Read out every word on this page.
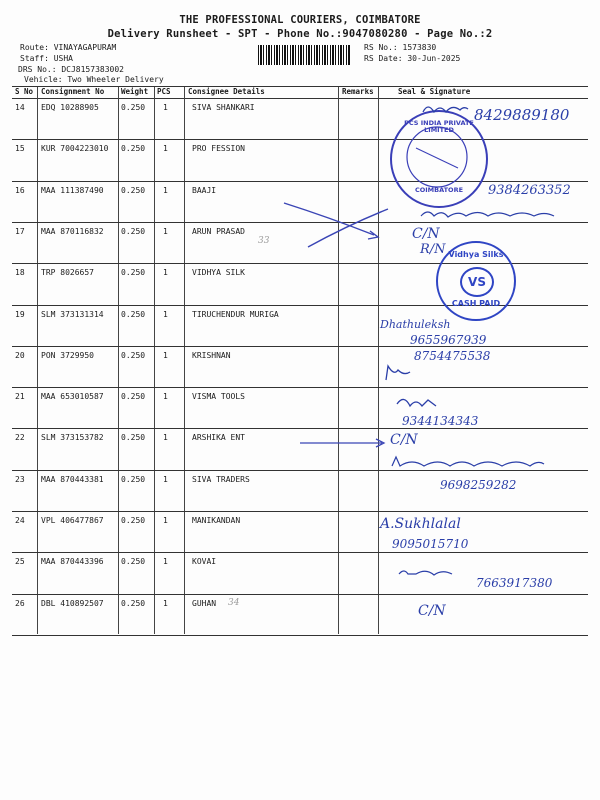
THE PROFESSIONAL COURIERS, COIMBATORE
Delivery Runsheet - SPT - Phone No.:9047080280 - Page No.:2
Route: VINAYAGAPURAM
Staff: USHA
DRS No.: DCJ8157383002
Vehicle: Two Wheeler Delivery
RS No.: 1573830
RS Date: 30-Jun-2025
S No Consignment No Weight PCS Consignee Details	Remarks	Seal & Signature
14 EDQ 10288905	0.250 1	SIVA SHANKARI
15 KUR 7004223010 0.250 1	PRO FESSION
16 MAA 111387490 0.250 1	BAAJI
17 MAA 870116832 0.250 1	ARUN PRASAD
18 TRP 8026657	0.250 1	VIDHYA SILK
19 SLM 373131314 0.250 1	TIRUCHENDUR MURIGA
20 PON 3729950	0.250 1	KRISHNAN
21 MAA 653010587 0.250 1	VISMA TOOLS
22 SLM 373153782 0.250 1	ARSHIKA ENT
23 MAA 870443381 0.250 1	SIVA TRADERS
24 VPL 406477867 0.250 1	MANIKANDAN
25 MAA 870443396 0.250 1	KOVAI
26 DBL 410892507 0.250 1	GUHAN
PCS INDIA PRIVATE LIMITED
COIMBATORE
Vidhya Silks
VS
CASH PAID
8429889180
9384263352
C/N
R/N
Dhathuleksh
9655967939
8754475538
9344134343
C/N
9698259282
A.Sukhlalal
9095015710
7663917380
C/N
33
34
